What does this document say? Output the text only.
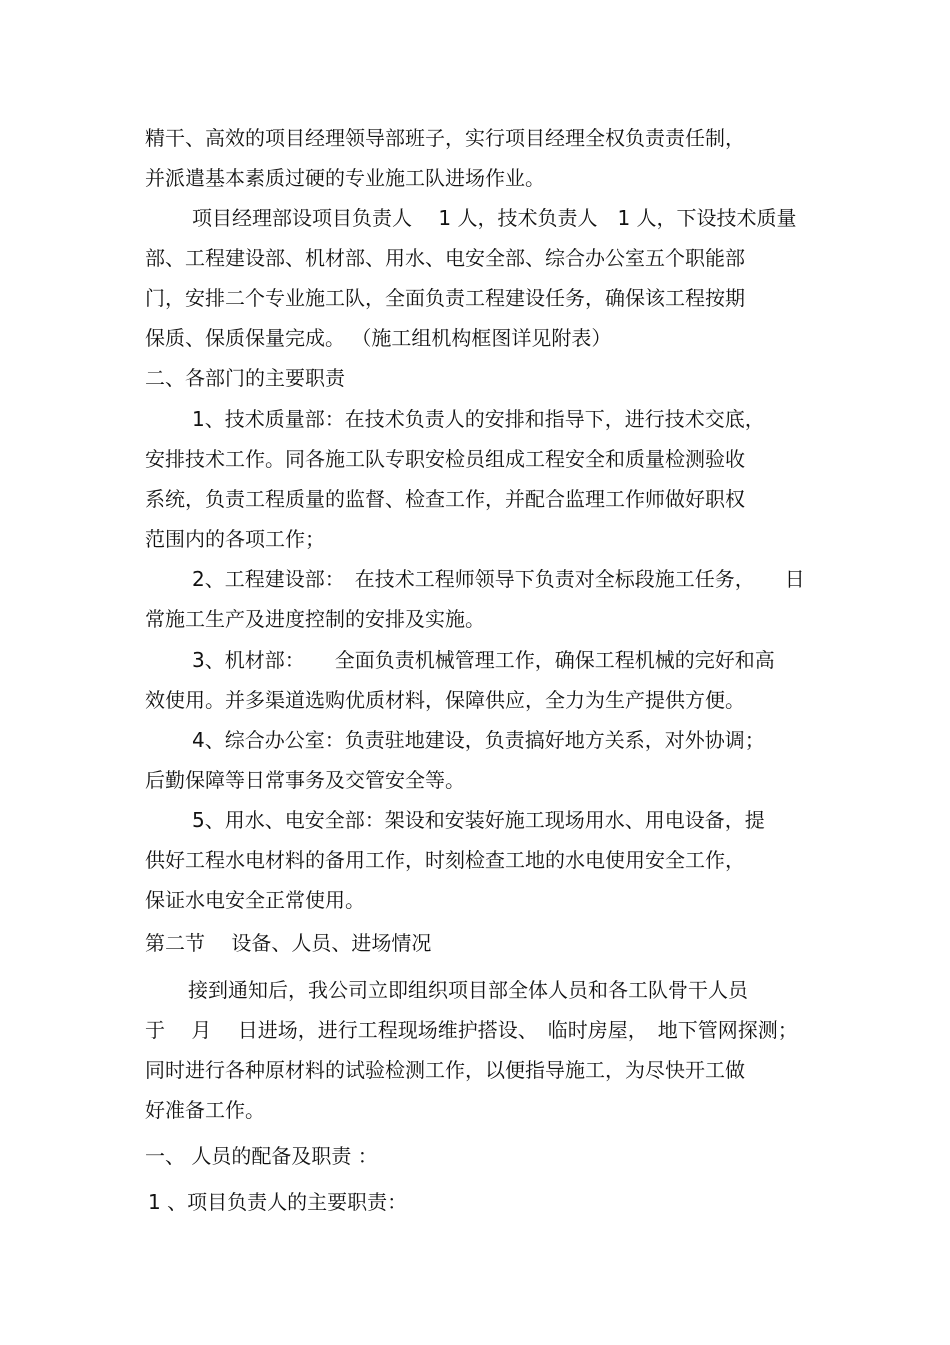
精干、高效的项目经理领导部班子，实行项目经理全权负责责任制，
并派遣基本素质过硬的专业施工队进场作业。
项目经理部设项目负责人　 1 人，技术负责人　1 人，下设技术质量
部、工程建设部、机材部、用水、电安全部、综合办公室五个职能部
门，安排二个专业施工队，全面负责工程建设任务，确保该工程按期
保质、保质保量完成。 （施工组机构框图详见附表）
二、各部门的主要职责
1、技术质量部：在技术负责人的安排和指导下，进行技术交底，
安排技术工作。同各施工队专职安检员组成工程安全和质量检测验收
系统，负责工程质量的监督、检查工作，并配合监理工作师做好职权
范围内的各项工作；
2、工程建设部：　在技术工程师领导下负责对全标段施工任务，　　日
常施工生产及进度控制的安排及实施。
3、机材部：　　全面负责机械管理工作，确保工程机械的完好和高
效使用。并多渠道选购优质材料，保障供应，全力为生产提供方便。
4、综合办公室：负责驻地建设，负责搞好地方关系，对外协调；
后勤保障等日常事务及交管安全等。
5、用水、电安全部：架设和安装好施工现场用水、用电设备，提
供好工程水电材料的备用工作，时刻检查工地的水电使用安全工作，
保证水电安全正常使用。
第二节　 设备、人员、进场情况
接到通知后，我公司立即组织项目部全体人员和各工队骨干人员
于　 月　 日进场，进行工程现场维护搭设、　临时房屋，　地下管网探测；
同时进行各种原材料的试验检测工作，以便指导施工，为尽快开工做
好准备工作。
一、 人员的配备及职责 ：
1 、项目负责人的主要职责：
